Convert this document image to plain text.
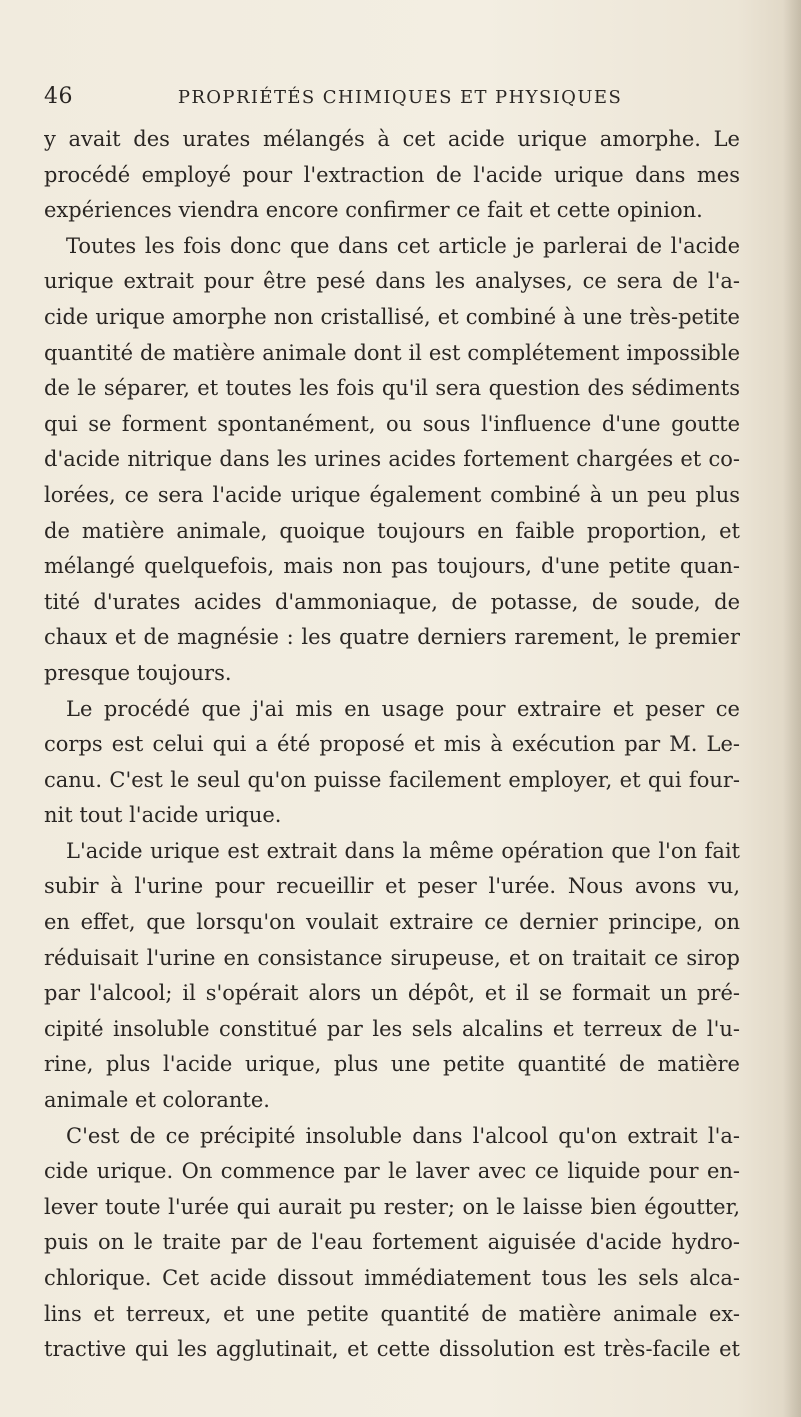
46	PROPRIÉTÉS CHIMIQUES ET PHYSIQUES
y avait des urates mélangés à cet acide urique amorphe. Le
procédé employé pour l'extraction de l'acide urique dans mes
expériences viendra encore confirmer ce fait et cette opinion.
Toutes les fois donc que dans cet article je parlerai de l'acide
urique extrait pour être pesé dans les analyses, ce sera de l'a-
cide urique amorphe non cristallisé, et combiné à une très-petite
quantité de matière animale dont il est complétement impossible
de le séparer, et toutes les fois qu'il sera question des sédiments
qui se forment spontanément, ou sous l'influence d'une goutte
d'acide nitrique dans les urines acides fortement chargées et co-
lorées, ce sera l'acide urique également combiné à un peu plus
de matière animale, quoique toujours en faible proportion, et
mélangé quelquefois, mais non pas toujours, d'une petite quan-
tité d'urates acides d'ammoniaque, de potasse, de soude, de
chaux et de magnésie : les quatre derniers rarement, le premier
presque toujours.
Le procédé que j'ai mis en usage pour extraire et peser ce
corps est celui qui a été proposé et mis à exécution par M. Le-
canu. C'est le seul qu'on puisse facilement employer, et qui four-
nit tout l'acide urique.
L'acide urique est extrait dans la même opération que l'on fait
subir à l'urine pour recueillir et peser l'urée. Nous avons vu,
en effet, que lorsqu'on voulait extraire ce dernier principe, on
réduisait l'urine en consistance sirupeuse, et on traitait ce sirop
par l'alcool; il s'opérait alors un dépôt, et il se formait un pré-
cipité insoluble constitué par les sels alcalins et terreux de l'u-
rine, plus l'acide urique, plus une petite quantité de matière
animale et colorante.
C'est de ce précipité insoluble dans l'alcool qu'on extrait l'a-
cide urique. On commence par le laver avec ce liquide pour en-
lever toute l'urée qui aurait pu rester; on le laisse bien égoutter,
puis on le traite par de l'eau fortement aiguisée d'acide hydro-
chlorique. Cet acide dissout immédiatement tous les sels alca-
lins et terreux, et une petite quantité de matière animale ex-
tractive qui les agglutinait, et cette dissolution est très-facile et
